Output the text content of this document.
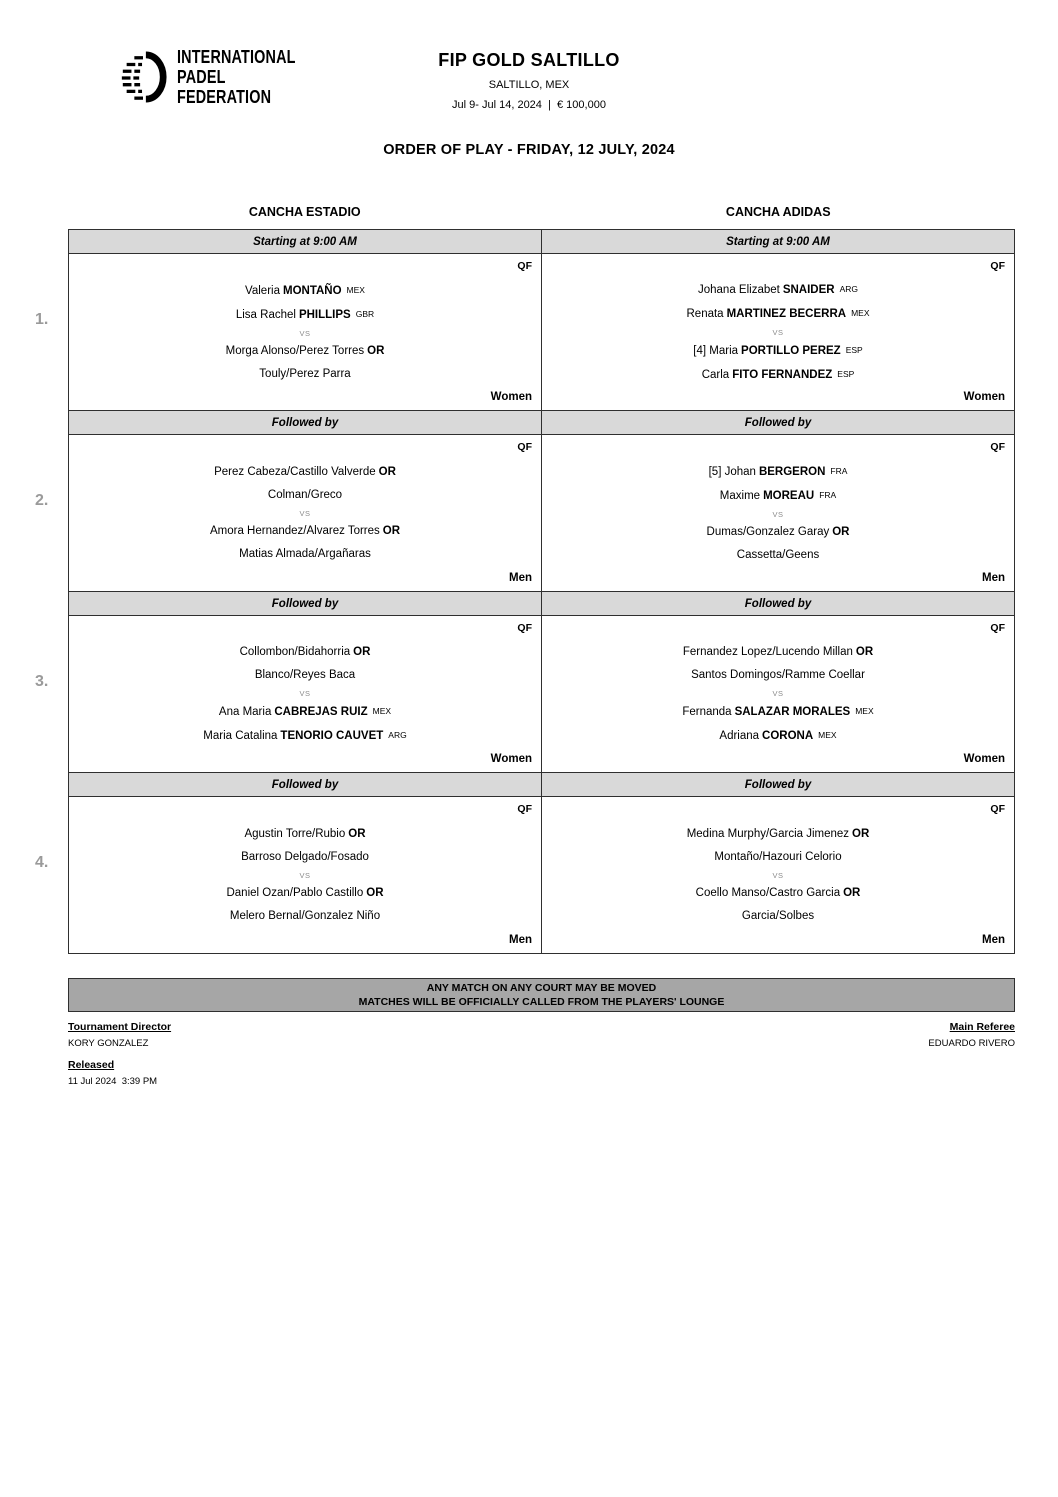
INTERNATIONAL
PADEL
FEDERATION
FIP GOLD SALTILLO
SALTILLO, MEX
Jul 9- Jul 14, 2024  |  € 100,000
ORDER OF PLAY - FRIDAY, 12 JULY, 2024
CANCHA ESTADIO	CANCHA ADIDAS
1.
Starting at 9:00 AM	Starting at 9:00 AM
QF
Valeria MONTAÑO MEX
Lisa Rachel PHILLIPS GBR
VS
Morga Alonso/Perez Torres OR
Touly/Perez Parra
Women
QF
Johana Elizabet SNAIDER ARG
Renata MARTINEZ BECERRA MEX
VS
[4] Maria PORTILLO PEREZ ESP
Carla FITO FERNANDEZ ESP
Women
2.
Followed by	Followed by
QF
Perez Cabeza/Castillo Valverde OR
Colman/Greco
VS
Amora Hernandez/Alvarez Torres OR
Matias Almada/Argañaras
Men
QF
[5] Johan BERGERON FRA
Maxime MOREAU FRA
VS
Dumas/Gonzalez Garay OR
Cassetta/Geens
Men
3.
Followed by	Followed by
QF
Collombon/Bidahorria OR
Blanco/Reyes Baca
VS
Ana Maria CABREJAS RUIZ MEX
Maria Catalina TENORIO CAUVET ARG
Women
QF
Fernandez Lopez/Lucendo Millan OR
Santos Domingos/Ramme Coellar
VS
Fernanda SALAZAR MORALES MEX
Adriana CORONA MEX
Women
4.
Followed by	Followed by
QF
Agustin Torre/Rubio OR
Barroso Delgado/Fosado
VS
Daniel Ozan/Pablo Castillo OR
Melero Bernal/Gonzalez Niño
Men
QF
Medina Murphy/Garcia Jimenez OR
Montaño/Hazouri Celorio
VS
Coello Manso/Castro Garcia OR
Garcia/Solbes
Men
ANY MATCH ON ANY COURT MAY BE MOVED
MATCHES WILL BE OFFICIALLY CALLED FROM THE PLAYERS' LOUNGE
Tournament Director
KORY GONZALEZ
Released
11 Jul 2024  3:39 PM
Main Referee
EDUARDO RIVERO
